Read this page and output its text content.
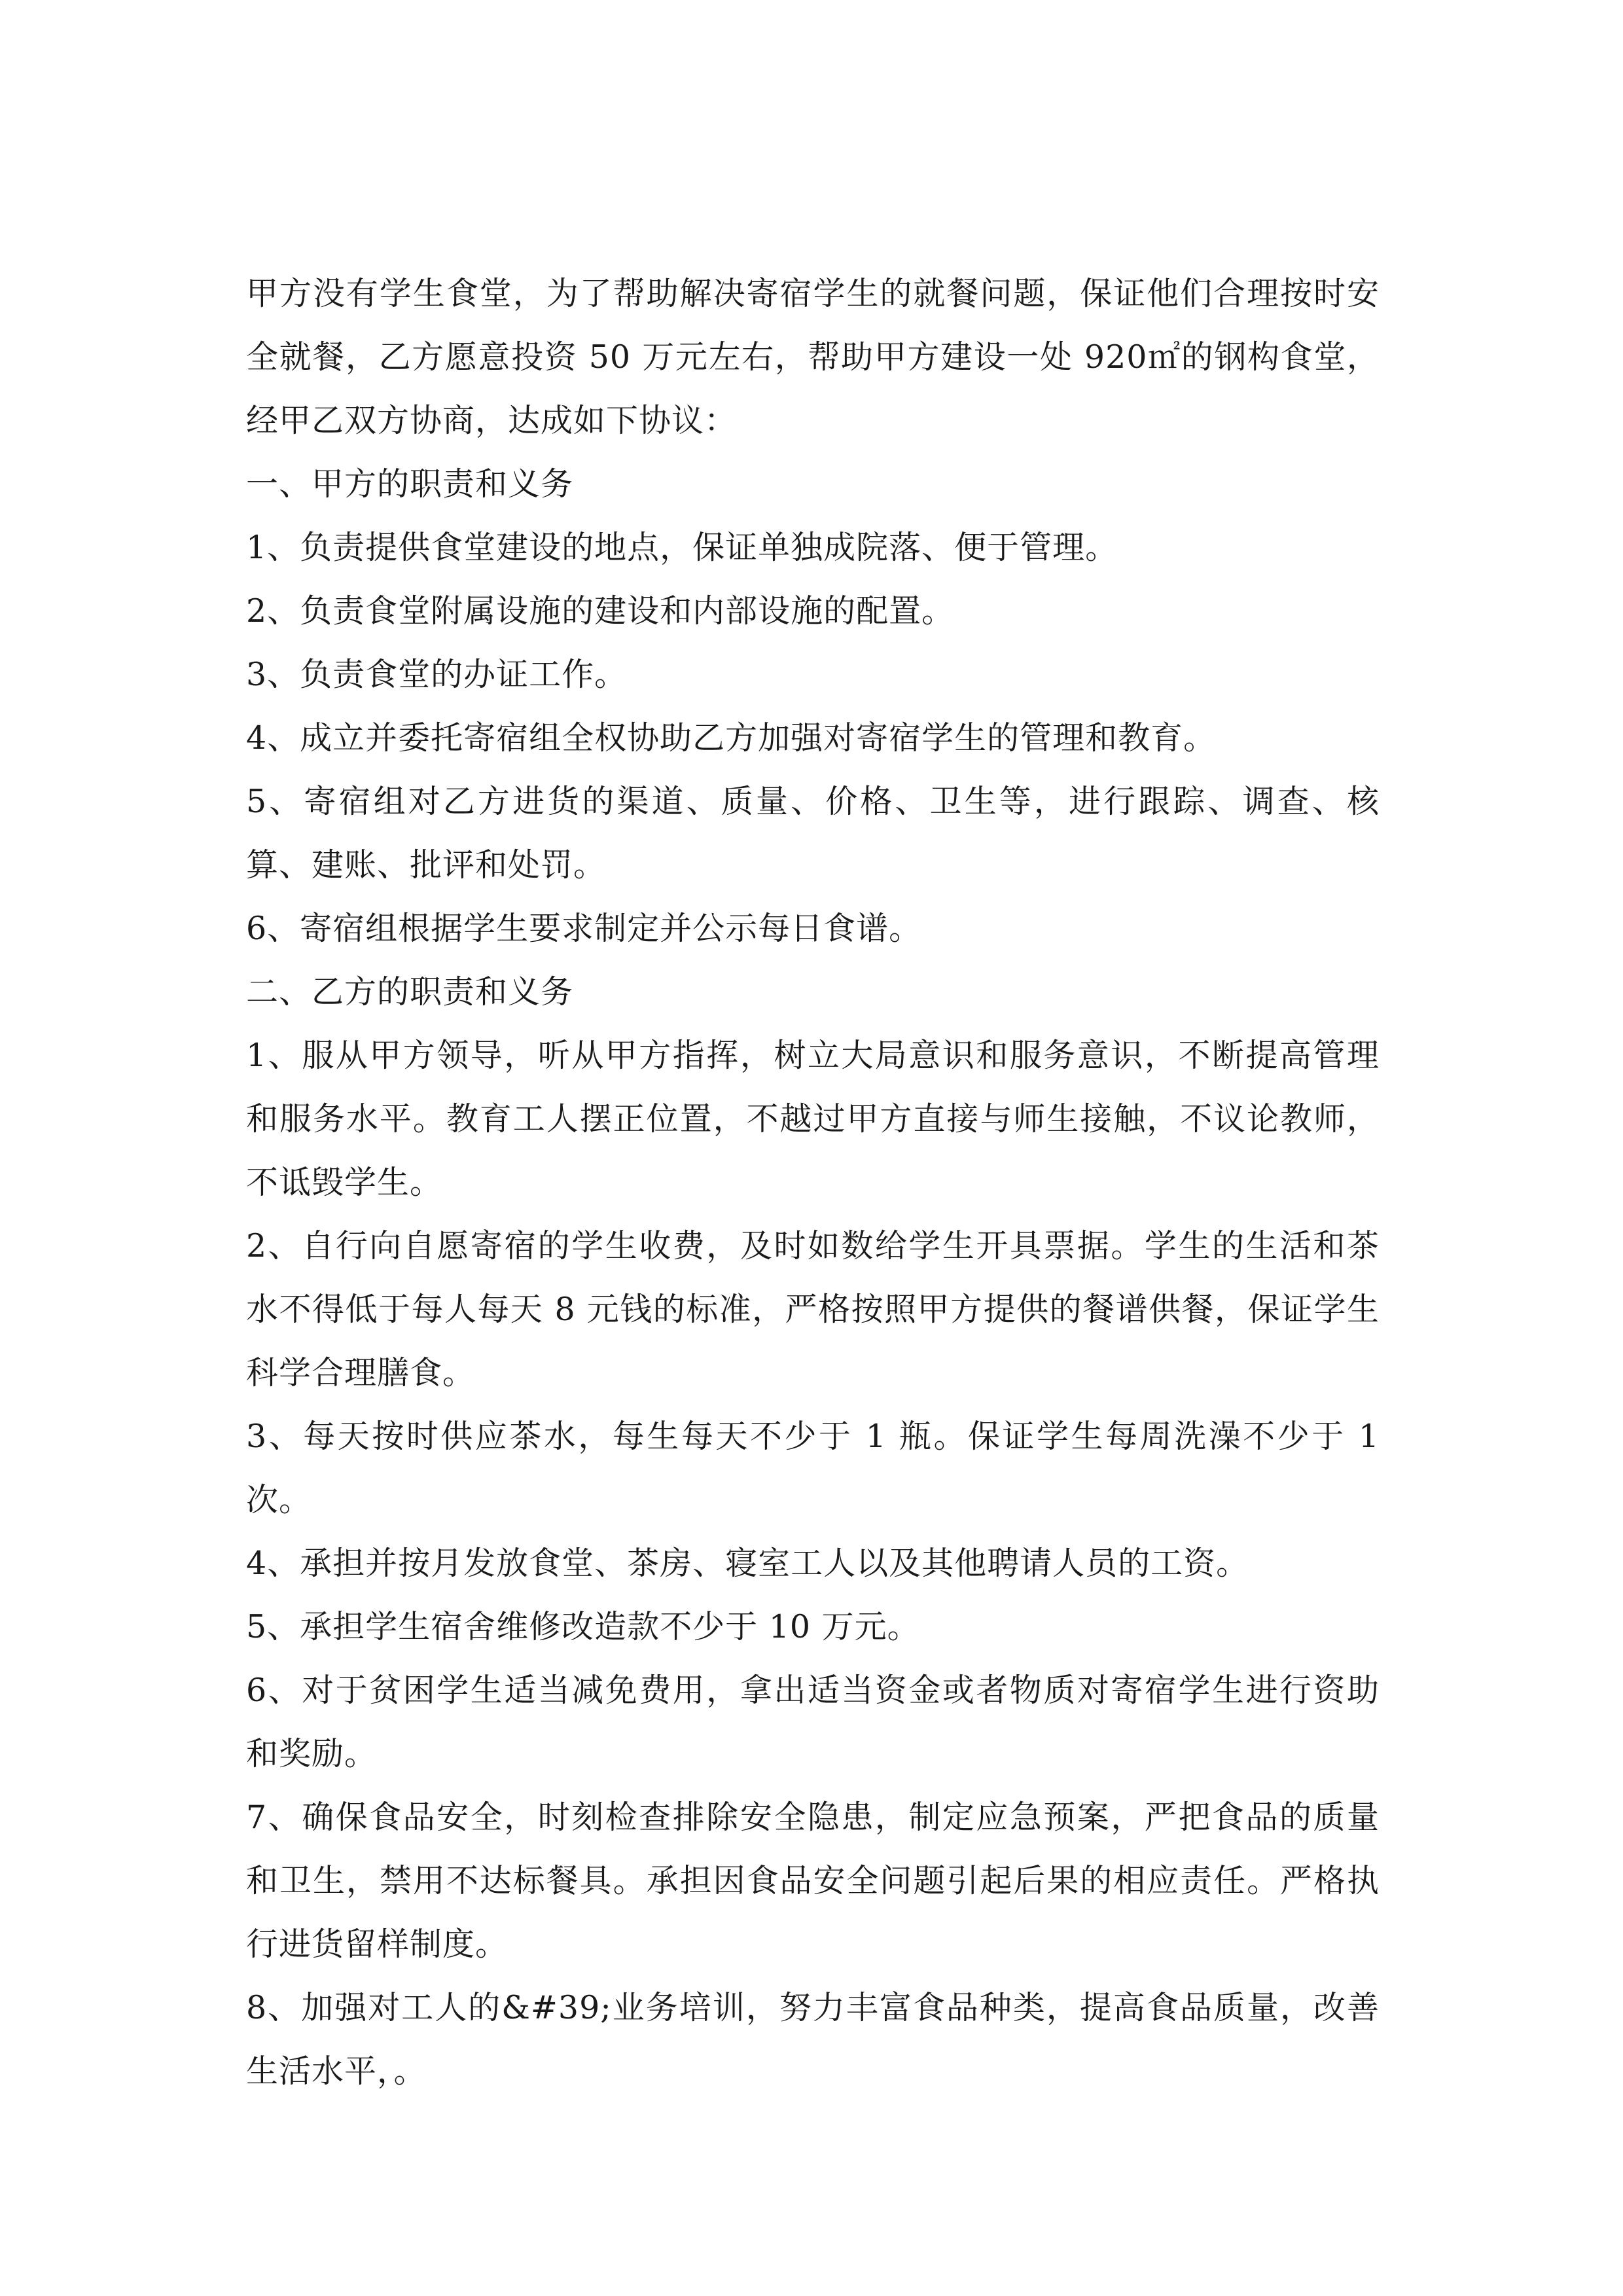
甲方没有学生食堂，为了帮助解决寄宿学生的就餐问题，保证他们合理按时安全就餐，乙方愿意投资 50 万元左右，帮助甲方建设一处 920㎡的钢构食堂，经甲乙双方协商，达成如下协议：

一、甲方的职责和义务

1、负责提供食堂建设的地点，保证单独成院落、便于管理。

2、负责食堂附属设施的建设和内部设施的配置。

3、负责食堂的办证工作。

4、成立并委托寄宿组全权协助乙方加强对寄宿学生的管理和教育。

5、寄宿组对乙方进货的渠道、质量、价格、卫生等，进行跟踪、调查、核算、建账、批评和处罚。

6、寄宿组根据学生要求制定并公示每日食谱。

二、乙方的职责和义务

1、服从甲方领导，听从甲方指挥，树立大局意识和服务意识，不断提高管理和服务水平。教育工人摆正位置，不越过甲方直接与师生接触，不议论教师，不诋毁学生。

2、自行向自愿寄宿的学生收费，及时如数给学生开具票据。学生的生活和茶水不得低于每人每天 8 元钱的标准，严格按照甲方提供的餐谱供餐，保证学生科学合理膳食。

3、每天按时供应茶水，每生每天不少于 1 瓶。保证学生每周洗澡不少于 1 次。

4、承担并按月发放食堂、茶房、寝室工人以及其他聘请人员的工资。

5、承担学生宿舍维修改造款不少于 10 万元。

6、对于贫困学生适当减免费用，拿出适当资金或者物质对寄宿学生进行资助和奖励。

7、确保食品安全，时刻检查排除安全隐患，制定应急预案，严把食品的质量和卫生，禁用不达标餐具。承担因食品安全问题引起后果的相应责任。严格执行进货留样制度。

8、加强对工人的&#39;业务培训，努力丰富食品种类，提高食品质量，改善生活水平，。
